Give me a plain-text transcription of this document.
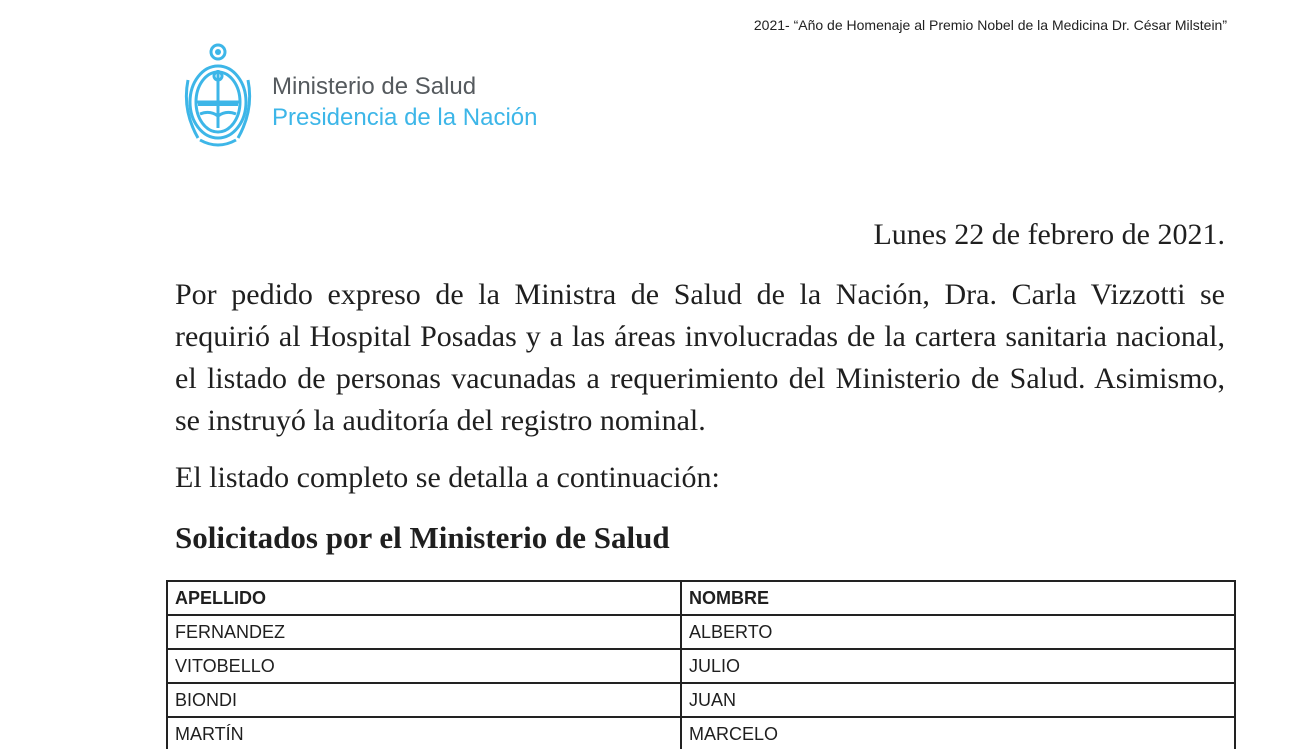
2021- “Año de Homenaje al Premio Nobel de la Medicina Dr. César Milstein”
Ministerio de Salud
Presidencia de la Nación
Lunes 22 de febrero de 2021.
Por pedido expreso de la Ministra de Salud de la Nación, Dra. Carla Vizzotti se requirió al Hospital Posadas y a las áreas involucradas de la cartera sanitaria nacional, el listado de personas vacunadas a requerimiento del Ministerio de Salud. Asimismo, se instruyó la auditoría del registro nominal.
El listado completo se detalla a continuación:
Solicitados por el Ministerio de Salud
APELLIDO	NOMBRE
FERNANDEZ	ALBERTO
VITOBELLO	JULIO
BIONDI	JUAN
MARTÍN	MARCELO
